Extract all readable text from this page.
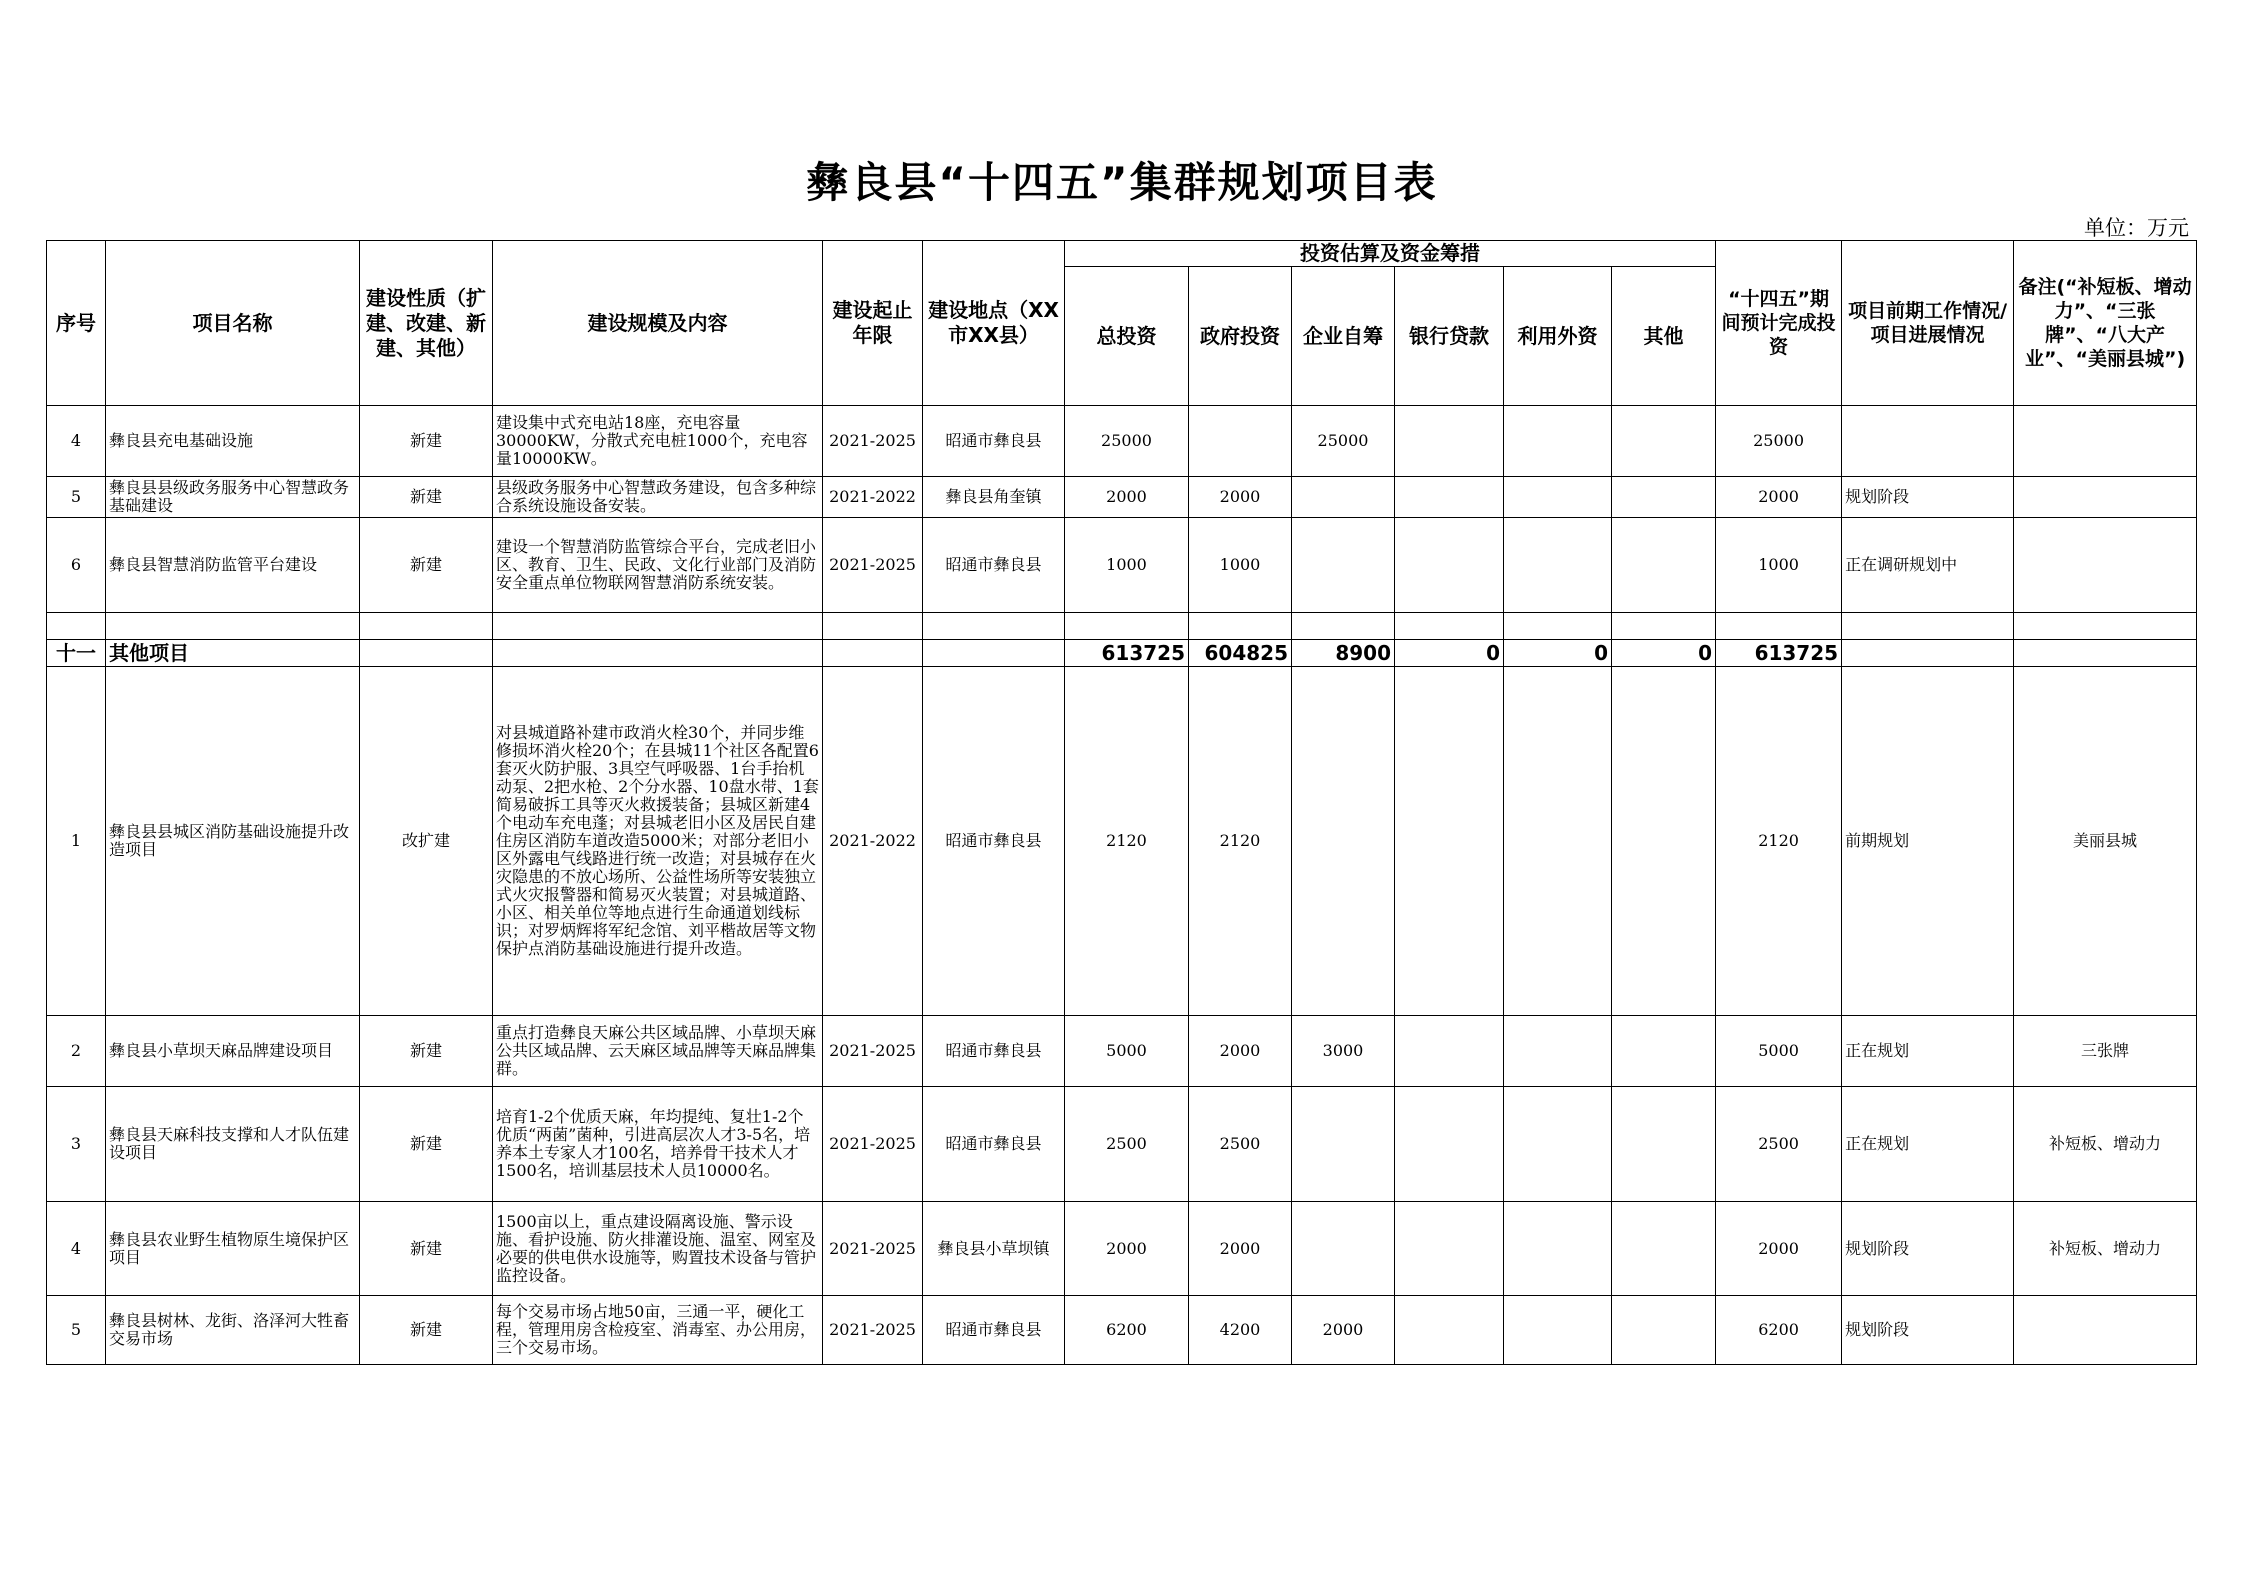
彝良县“十四五”集群规划项目表
单位：万元
序号	项目名称	建设性质（扩建、改建、新建、其他）	建设规模及内容	建设起止年限	建设地点（XX市XX县）	投资估算及资金筹措						“十四五”期间预计完成投资	项目前期工作情况/项目进展情况	备注(“补短板、增动力”、“三张牌”、“八大产业”、“美丽县城”)
						总投资	政府投资	企业自筹	银行贷款	利用外资	其他			
4	彝良县充电基础设施	新建	建设集中式充电站18座，充电容量30000KW，分散式充电桩1000个，充电容量10000KW。	2021-2025	昭通市彝良县	25000		25000				25000		
5	彝良县县级政务服务中心智慧政务基础建设	新建	县级政务服务中心智慧政务建设，包含多种综合系统设施设备安装。	2021-2022	彝良县角奎镇	2000	2000					2000	规划阶段	
6	彝良县智慧消防监管平台建设	新建	建设一个智慧消防监管综合平台，完成老旧小区、教育、卫生、民政、文化行业部门及消防安全重点单位物联网智慧消防系统安装。	2021-2025	昭通市彝良县	1000	1000					1000	正在调研规划中	

十一	其他项目					613725	604825	8900	0	0	0	613725		
1	彝良县县城区消防基础设施提升改造项目	改扩建	对县城道路补建市政消火栓30个，并同步维修损坏消火栓20个；在县城11个社区各配置6套灭火防护服、3具空气呼吸器、1台手抬机动泵、2把水枪、2个分水器、10盘水带、1套简易破拆工具等灭火救援装备；县城区新建4个电动车充电蓬；对县城老旧小区及居民自建住房区消防车道改造5000米；对部分老旧小区外露电气线路进行统一改造；对县城存在火灾隐患的不放心场所、公益性场所等安装独立式火灾报警器和简易灭火装置；对县城道路、小区、相关单位等地点进行生命通道划线标识；对罗炳辉将军纪念馆、刘平楷故居等文物保护点消防基础设施进行提升改造。	2021-2022	昭通市彝良县	2120	2120					2120	前期规划	美丽县城
2	彝良县小草坝天麻品牌建设项目	新建	重点打造彝良天麻公共区域品牌、小草坝天麻公共区域品牌、云天麻区域品牌等天麻品牌集群。	2021-2025	昭通市彝良县	5000	2000	3000				5000	正在规划	三张牌
3	彝良县天麻科技支撑和人才队伍建设项目	新建	培育1-2个优质天麻，年均提纯、复壮1-2个优质“两菌”菌种，引进高层次人才3-5名，培养本土专家人才100名，培养骨干技术人才1500名，培训基层技术人员10000名。	2021-2025	昭通市彝良县	2500	2500					2500	正在规划	补短板、增动力
4	彝良县农业野生植物原生境保护区项目	新建	1500亩以上，重点建设隔离设施、警示设施、看护设施、防火排灌设施、温室、网室及必要的供电供水设施等，购置技术设备与管护监控设备。	2021-2025	彝良县小草坝镇	2000	2000					2000	规划阶段	补短板、增动力
5	彝良县树林、龙街、洛泽河大牲畜交易市场	新建	每个交易市场占地50亩，三通一平，硬化工程，管理用房含检疫室、消毒室、办公用房，三个交易市场。	2021-2025	昭通市彝良县	6200	4200	2000				6200	规划阶段	
